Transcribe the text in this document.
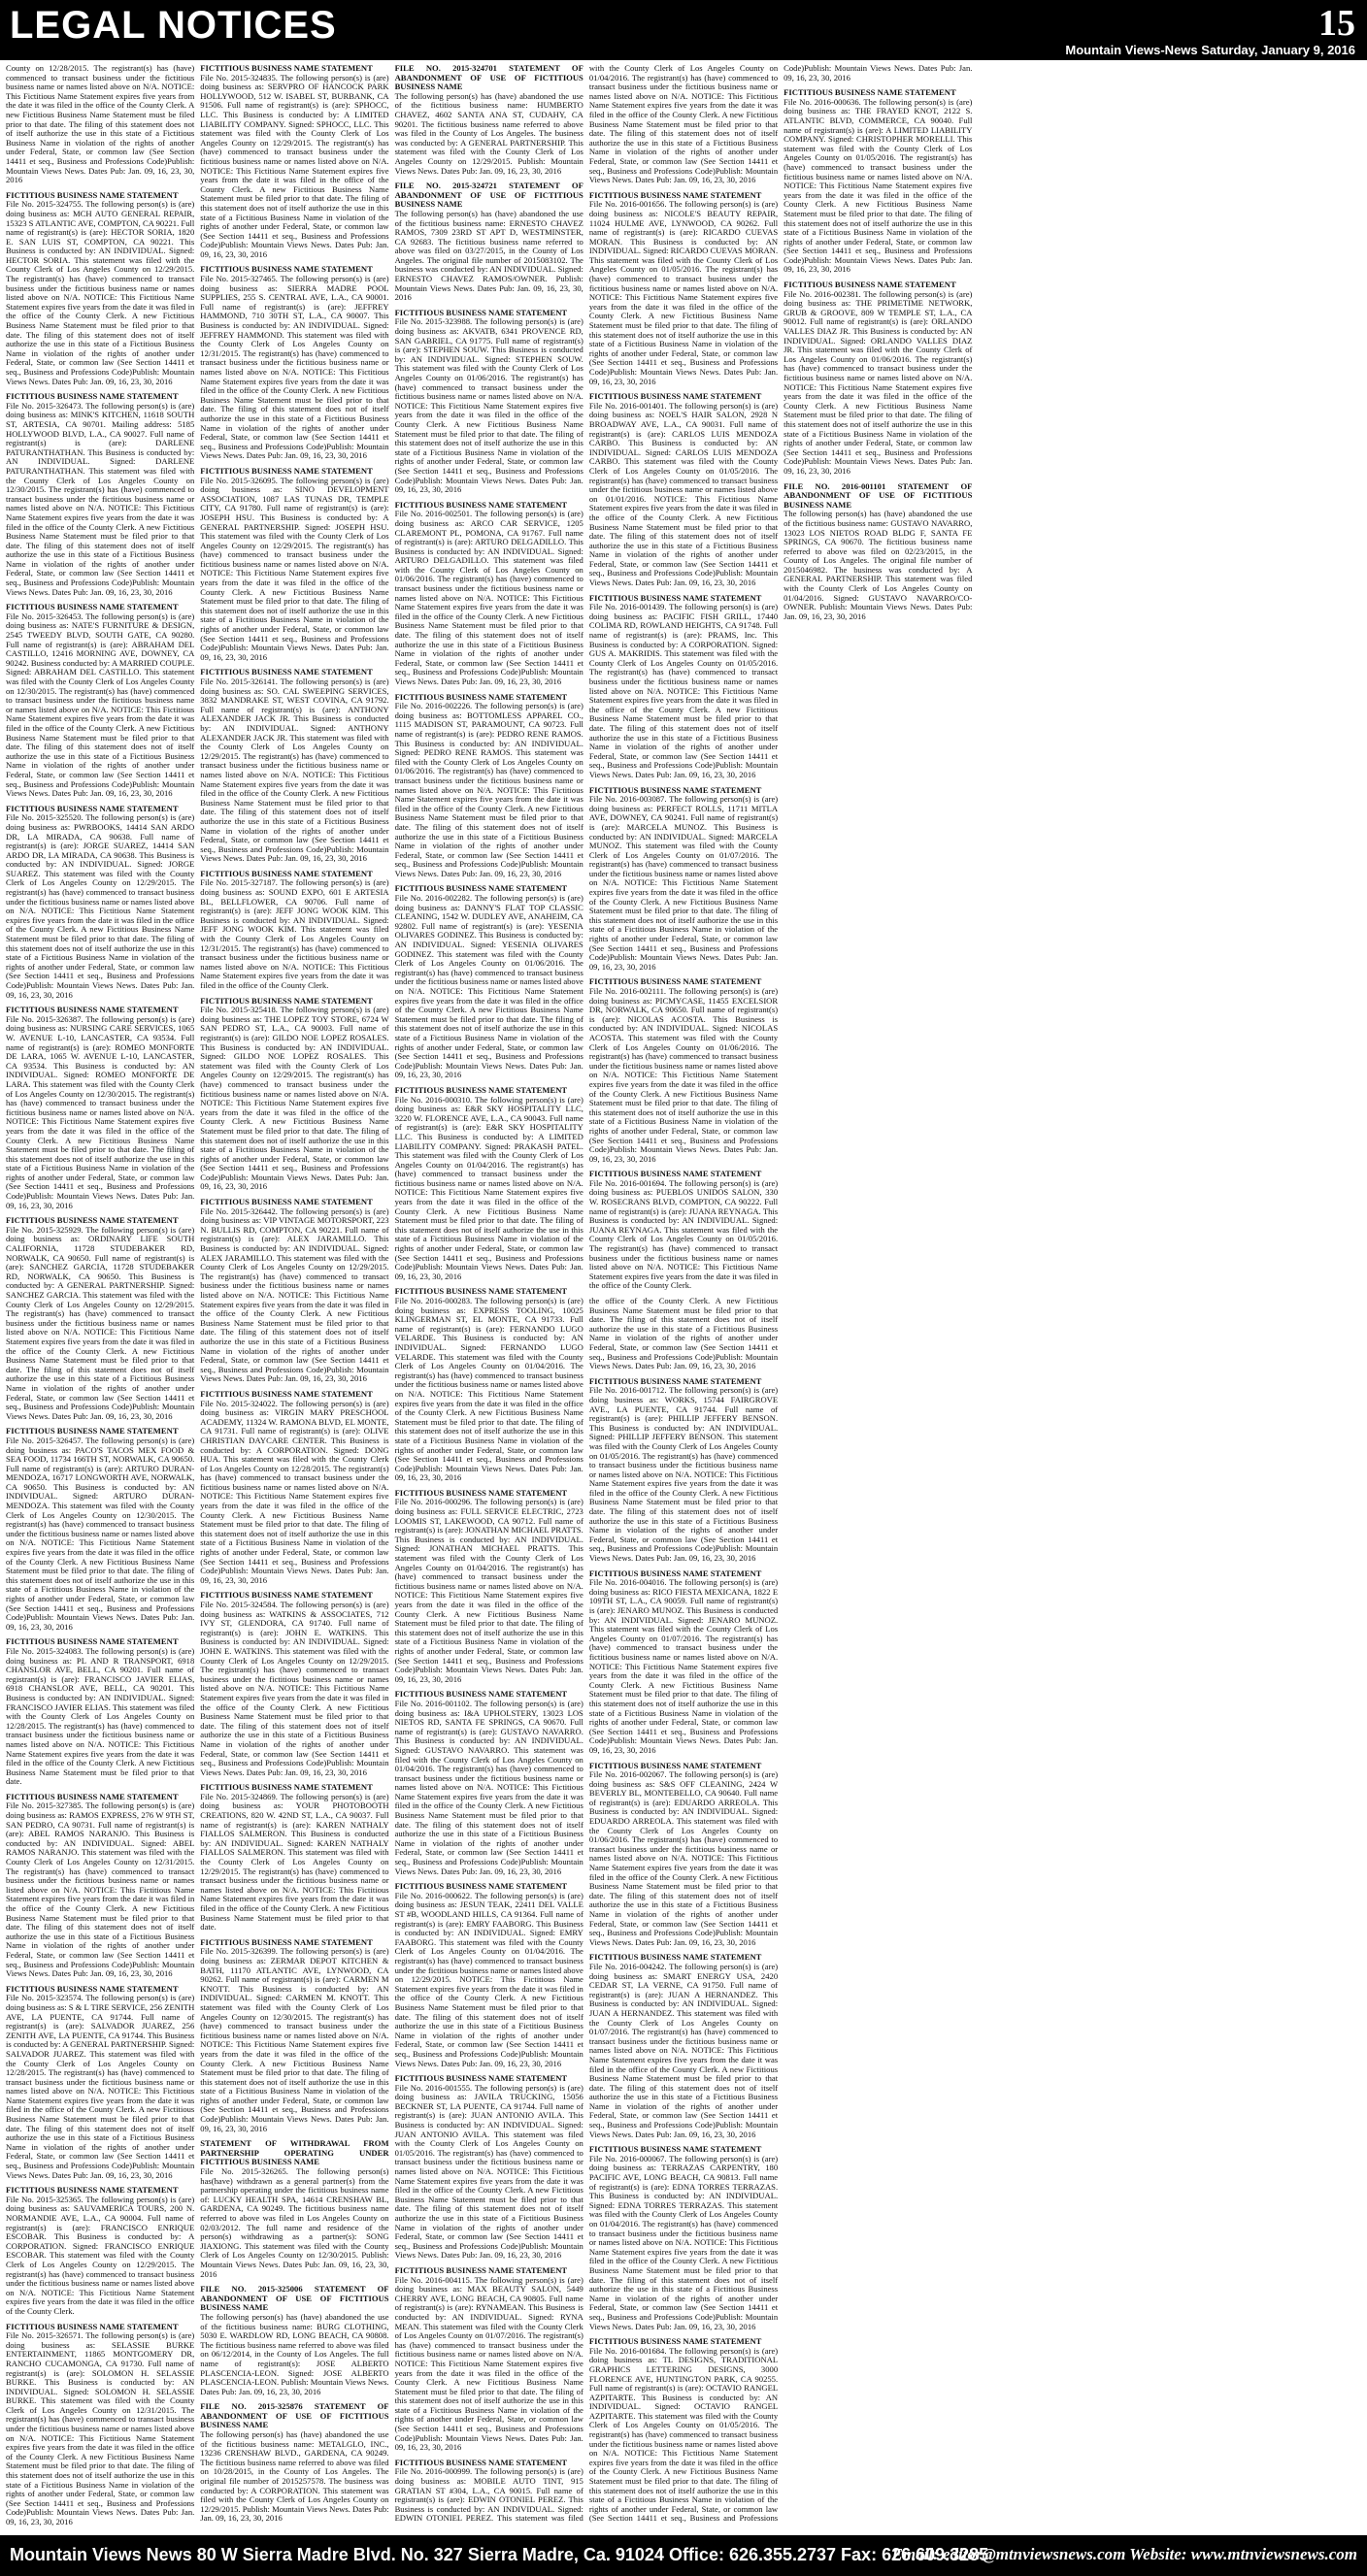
LEGAL NOTICES	15
Mountain Views-News Saturday, January 9, 2016
County on 12/28/2015. The registrant(s) has (have) commenced to transact business under the fictitious business name or names listed above on N/A. NOTICE: This Fictitious Name Statement expires five years from the date it was filed in the office of the County Clerk. A new Fictitious Business Name Statement must be filed prior to that date. The filing of this statement does not of itself authorize the use in this state of a Fictitious Business Name in violation of the rights of another under Federal, State, or common law (See Section 14411 et seq., Business and Professions Code)Publish: Mountain Views News. Dates Pub: Jan. 09, 16, 23, 30, 2016
FICTITIOUS BUSINESS NAME STATEMENT
File No. 2015-324755. The following person(s) is (are) doing business as: MCH AUTO GENERAL REPAIR, 15323 S ATLANTIC AVE, COMPTON, CA 90221. Full name of registrant(s) is (are): HECTOR SORIA, 1820 E. SAN LUIS ST, COMPTON, CA 90221. This Business is conducted by: AN INDIVIDUAL. Signed: HECTOR SORIA. This statement was filed with the County Clerk of Los Angeles County on 12/29/2015. The registrant(s) has (have) commenced to transact business under the fictitious business name or names listed above on N/A. NOTICE: This Fictitious Name Statement expires five years from the date it was filed in the office of the County Clerk. A new Fictitious Business Name Statement must be filed prior to that date. The filing of this statement does not of itself authorize the use in this state of a Fictitious Business Name in violation of the rights of another under Federal, State, or common law (See Section 14411 et seq., Business and Professions Code)Publish: Mountain Views News. Dates Pub: Jan. 09, 16, 23, 30, 2016
FICTITIOUS BUSINESS NAME STATEMENT
File No. 2015-326473. The following person(s) is (are) doing business as: MINK'S KITCHEN, 11618 SOUTH ST, ARTESIA, CA 90701. Mailing address: 5185 HOLLYWOOD BLVD, L.A., CA 90027. Full name of registrant(s) is (are): DARLENE PATURANTHATHAN. This Business is conducted by: AN INDIVIDUAL. Signed: DARLENE PATURANTHATHAN. This statement was filed with the County Clerk of Los Angeles County on 12/30/2015. The registrant(s) has (have) commenced to transact business under the fictitious business name or names listed above on N/A. NOTICE: This Fictitious Name Statement expires five years from the date it was filed in the office of the County Clerk. A new Fictitious Business Name Statement must be filed prior to that date. The filing of this statement does not of itself authorize the use in this state of a Fictitious Business Name in violation of the rights of another under Federal, State, or common law (See Section 14411 et seq., Business and Professions Code)Publish: Mountain Views News. Dates Pub: Jan. 09, 16, 23, 30, 2016
FICTITIOUS BUSINESS NAME STATEMENT
File No. 2015-326453. The following person(s) is (are) doing business as: NATE'S FURNITURE & DESIGN, 2545 TWEEDY BLVD, SOUTH GATE, CA 90280. Full name of registrant(s) is (are): ABRAHAM DEL CASTILLO, 12416 MORNING AVE, DOWNEY, CA 90242. Business conducted by: A MARRIED COUPLE. Signed: ABRAHAM DEL CASTILLO. This statement was filed with the County Clerk of Los Angeles County on 12/30/2015. The registrant(s) has (have) commenced to transact business under the fictitious business name or names listed above on N/A. NOTICE: This Fictitious Name Statement expires five years from the date it was filed in the office of the County Clerk. A new Fictitious Business Name Statement must be filed prior to that date. The filing of this statement does not of itself authorize the use in this state of a Fictitious Business Name in violation of the rights of another under Federal, State, or common law (See Section 14411 et seq., Business and Professions Code)Publish: Mountain Views News. Dates Pub: Jan. 09, 16, 23, 30, 2016
FICTITIOUS BUSINESS NAME STATEMENT
File No. 2015-325520. The following person(s) is (are) doing business as: PWRBOOKS, 14414 SAN ARDO DR, LA MIRADA, CA 90638. Full name of registrant(s) is (are): JORGE SUAREZ, 14414 SAN ARDO DR, LA MIRADA, CA 90638. This Business is conducted by: AN INDIVIDUAL. Signed: JORGE SUAREZ. This statement was filed with the County Clerk of Los Angeles County on 12/29/2015. The registrant(s) has (have) commenced to transact business under the fictitious business name or names listed above on N/A. NOTICE: This Fictitious Name Statement expires five years from the date it was filed in the office of the County Clerk. A new Fictitious Business Name Statement must be filed prior to that date. The filing of this statement does not of itself authorize the use in this state of a Fictitious Business Name in violation of the rights of another under Federal, State, or common law (See Section 14411 et seq., Business and Professions Code)Publish: Mountain Views News. Dates Pub: Jan. 09, 16, 23, 30, 2016
FICTITIOUS BUSINESS NAME STATEMENT
File No. 2015-326387. The following person(s) is (are) doing business as: NURSING CARE SERVICES, 1065 W. AVENUE L-10, LANCASTER, CA 93534. Full name of registrant(s) is (are): ROMEO MONFORTE DE LARA, 1065 W. AVENUE L-10, LANCASTER, CA 93534. This Business is conducted by: AN INDIVIDUAL. Signed: ROMEO MONFORTE DE LARA. This statement was filed with the County Clerk of Los Angeles County on 12/30/2015. The registrant(s) has (have) commenced to transact business under the fictitious business name or names listed above on N/A. NOTICE: This Fictitious Name Statement expires five years from the date it was filed in the office of the County Clerk. A new Fictitious Business Name Statement must be filed prior to that date. The filing of this statement does not of itself authorize the use in this state of a Fictitious Business Name in violation of the rights of another under Federal, State, or common law (See Section 14411 et seq., Business and Professions Code)Publish: Mountain Views News. Dates Pub: Jan. 09, 16, 23, 30, 2016
FICTITIOUS BUSINESS NAME STATEMENT
File No. 2015-325929. The following person(s) is (are) doing business as: ORDINARY LIFE SOUTH CALIFORNIA, 11728 STUDEBAKER RD, NORWALK, CA 90650. Full name of registrant(s) is (are): SANCHEZ GARCIA, 11728 STUDEBAKER RD, NORWALK, CA 90650. This Business is conducted by: A GENERAL PARTNERSHIP. Signed: SANCHEZ GARCIA. This statement was filed with the County Clerk of Los Angeles County on 12/29/2015. The registrant(s) has (have) commenced to transact business under the fictitious business name or names listed above on N/A. NOTICE: This Fictitious Name Statement expires five years from the date it was filed in the office of the County Clerk. A new Fictitious Business Name Statement must be filed prior to that date. The filing of this statement does not of itself authorize the use in this state of a Fictitious Business Name in violation of the rights of another under Federal, State, or common law (See Section 14411 et seq., Business and Professions Code)Publish: Mountain Views News. Dates Pub: Jan. 09, 16, 23, 30, 2016
FICTITIOUS BUSINESS NAME STATEMENT
File No. 2015-326457. The following person(s) is (are) doing business as: PACO'S TACOS MEX FOOD & SEA FOOD, 11734 166TH ST, NORWALK, CA 90650. Full name of registrant(s) is (are): ARTURO DURAN-MENDOZA, 16717 LONGWORTH AVE, NORWALK, CA 90650. This Business is conducted by: AN INDIVIDUAL. Signed: ARTURO DURAN-MENDOZA. This statement was filed with the County Clerk of Los Angeles County on 12/30/2015. The registrant(s) has (have) commenced to transact business under the fictitious business name or names listed above on N/A. NOTICE: This Fictitious Name Statement expires five years from the date it was filed in the office of the County Clerk. A new Fictitious Business Name Statement must be filed prior to that date. The filing of this statement does not of itself authorize the use in this state of a Fictitious Business Name in violation of the rights of another under Federal, State, or common law (See Section 14411 et seq., Business and Professions Code)Publish: Mountain Views News. Dates Pub: Jan. 09, 16, 23, 30, 2016
FICTITIOUS BUSINESS NAME STATEMENT
File No. 2015-324083. The following person(s) is (are) doing business as: PL AND R TRANSPORT, 6918 CHANSLOR AVE, BELL, CA 90201. Full name of registrant(s) is (are): FRANCISCO JAVIER ELIAS, 6918 CHANSLOR AVE, BELL, CA 90201. This Business is conducted by: AN INDIVIDUAL. Signed: FRANCISCO JAVIER ELIAS. This statement was filed with the County Clerk of Los Angeles County on 12/28/2015. The registrant(s) has (have) commenced to transact business under the fictitious business name or names listed above on N/A. NOTICE: This Fictitious Name Statement expires five years from the date it was filed in the office of the County Clerk. A new Fictitious Business Name Statement must be filed prior to that date.
FICTITIOUS BUSINESS NAME STATEMENT
File No. 2015-327385. The following person(s) is (are) doing business as: RAMOS EXPRESS, 276 W 9TH ST, SAN PEDRO, CA 90731. Full name of registrant(s) is (are): ABEL RAMOS NARANJO. This Business is conducted by: AN INDIVIDUAL. Signed: ABEL RAMOS NARANJO. This statement was filed with the County Clerk of Los Angeles County on 12/31/2015. The registrant(s) has (have) commenced to transact business under the fictitious business name or names listed above on N/A. NOTICE: This Fictitious Name Statement expires five years from the date it was filed in the office of the County Clerk. A new Fictitious Business Name Statement must be filed prior to that date. The filing of this statement does not of itself authorize the use in this state of a Fictitious Business Name in violation of the rights of another under Federal, State, or common law (See Section 14411 et seq., Business and Professions Code)Publish: Mountain Views News. Dates Pub: Jan. 09, 16, 23, 30, 2016
FICTITIOUS BUSINESS NAME STATEMENT
File No. 2015-323574. The following person(s) is (are) doing business as: S & L TIRE SERVICE, 256 ZENITH AVE, LA PUENTE, CA 91744. Full name of registrant(s) is (are): SALVADOR JUAREZ, 256 ZENITH AVE, LA PUENTE, CA 91744. This Business is conducted by: A GENERAL PARTNERSHIP. Signed: SALVADOR JUAREZ. This statement was filed with the County Clerk of Los Angeles County on 12/28/2015. The registrant(s) has (have) commenced to transact business under the fictitious business name or names listed above on N/A. NOTICE: This Fictitious Name Statement expires five years from the date it was filed in the office of the County Clerk. A new Fictitious Business Name Statement must be filed prior to that date. The filing of this statement does not of itself authorize the use in this state of a Fictitious Business Name in violation of the rights of another under Federal, State, or common law (See Section 14411 et seq., Business and Professions Code)Publish: Mountain Views News. Dates Pub: Jan. 09, 16, 23, 30, 2016
FICTITIOUS BUSINESS NAME STATEMENT
File No. 2015-325365. The following person(s) is (are) doing business as: SAUVAMERICA TOURS, 200 N. NORMANDIE AVE, L.A., CA 90004. Full name of registrant(s) is (are): FRANCISCO ENRIQUE ESCOBAR. This Business is conducted by: A CORPORATION. Signed: FRANCISCO ENRIQUE ESCOBAR. This statement was filed with the County Clerk of Los Angeles County on 12/29/2015. The registrant(s) has (have) commenced to transact business under the fictitious business name or names listed above on N/A. NOTICE: This Fictitious Name Statement expires five years from the date it was filed in the office of the County Clerk.
FICTITIOUS BUSINESS NAME STATEMENT
File No. 2015-326571. The following person(s) is (are) doing business as: SELASSIE BURKE ENTERTAINMENT, 11865 MONTGOMERY DR, RANCHO CUCAMONGA, CA 91730. Full name of registrant(s) is (are): SOLOMON H. SELASSIE BURKE. This Business is conducted by: AN INDIVIDUAL. Signed: SOLOMON H. SELASSIE BURKE. This statement was filed with the County Clerk of Los Angeles County on 12/31/2015. The registrant(s) has (have) commenced to transact business under the fictitious business name or names listed above on N/A. NOTICE: This Fictitious Name Statement expires five years from the date it was filed in the office of the County Clerk. A new Fictitious Business Name Statement must be filed prior to that date. The filing of this statement does not of itself authorize the use in this state of a Fictitious Business Name in violation of the rights of another under Federal, State, or common law (See Section 14411 et seq., Business and Professions Code)Publish: Mountain Views News. Dates Pub: Jan. 09, 16, 23, 30, 2016
FICTITIOUS BUSINESS NAME STATEMENT
File No. 2015-324835. The following person(s) is (are) doing business as: SERVPRO OF HANCOCK PARK HOLLYWOOD, 512 W. ISABEL ST, BURBANK, CA 91506. Full name of registrant(s) is (are): SPHOCC, LLC. This Business is conducted by: A LIMITED LIABILITY COMPANY. Signed: SPHOCC, LLC. This statement was filed with the County Clerk of Los Angeles County on 12/29/2015. The registrant(s) has (have) commenced to transact business under the fictitious business name or names listed above on N/A. NOTICE: This Fictitious Name Statement expires five years from the date it was filed in the office of the County Clerk. A new Fictitious Business Name Statement must be filed prior to that date. The filing of this statement does not of itself authorize the use in this state of a Fictitious Business Name in violation of the rights of another under Federal, State, or common law (See Section 14411 et seq., Business and Professions Code)Publish: Mountain Views News. Dates Pub: Jan. 09, 16, 23, 30, 2016
FICTITIOUS BUSINESS NAME STATEMENT
File No. 2015-327465. The following person(s) is (are) doing business as: SIERRA MADRE POOL SUPPLIES, 255 S. CENTRAL AVE, L.A., CA 90001. Full name of registrant(s) is (are): JEFFREY HAMMOND, 710 30TH ST, L.A., CA 90007. This Business is conducted by: AN INDIVIDUAL. Signed: JEFFREY HAMMOND. This statement was filed with the County Clerk of Los Angeles County on 12/31/2015. The registrant(s) has (have) commenced to transact business under the fictitious business name or names listed above on N/A. NOTICE: This Fictitious Name Statement expires five years from the date it was filed in the office of the County Clerk. A new Fictitious Business Name Statement must be filed prior to that date. The filing of this statement does not of itself authorize the use in this state of a Fictitious Business Name in violation of the rights of another under Federal, State, or common law (See Section 14411 et seq., Business and Professions Code)Publish: Mountain Views News. Dates Pub: Jan. 09, 16, 23, 30, 2016
FICTITIOUS BUSINESS NAME STATEMENT
File No. 2015-326095. The following person(s) is (are) doing business as: SINO DEVELOPMENT ASSOCIATION, 1087 LAS TUNAS DR, TEMPLE CITY, CA 91780. Full name of registrant(s) is (are): JOSEPH HSU. This Business is conducted by: A GENERAL PARTNERSHIP. Signed: JOSEPH HSU. This statement was filed with the County Clerk of Los Angeles County on 12/29/2015. The registrant(s) has (have) commenced to transact business under the fictitious business name or names listed above on N/A. NOTICE: This Fictitious Name Statement expires five years from the date it was filed in the office of the County Clerk. A new Fictitious Business Name Statement must be filed prior to that date. The filing of this statement does not of itself authorize the use in this state of a Fictitious Business Name in violation of the rights of another under Federal, State, or common law (See Section 14411 et seq., Business and Professions Code)Publish: Mountain Views News. Dates Pub: Jan. 09, 16, 23, 30, 2016
FICTITIOUS BUSINESS NAME STATEMENT
File No. 2015-326141. The following person(s) is (are) doing business as: SO. CAL SWEEPING SERVICES, 3832 MANDRAKE ST, WEST COVINA, CA 91792. Full name of registrant(s) is (are): ANTHONY ALEXANDER JACK JR. This Business is conducted by: AN INDIVIDUAL. Signed: ANTHONY ALEXANDER JACK JR. This statement was filed with the County Clerk of Los Angeles County on 12/29/2015. The registrant(s) has (have) commenced to transact business under the fictitious business name or names listed above on N/A. NOTICE: This Fictitious Name Statement expires five years from the date it was filed in the office of the County Clerk. A new Fictitious Business Name Statement must be filed prior to that date. The filing of this statement does not of itself authorize the use in this state of a Fictitious Business Name in violation of the rights of another under Federal, State, or common law (See Section 14411 et seq., Business and Professions Code)Publish: Mountain Views News. Dates Pub: Jan. 09, 16, 23, 30, 2016
FICTITIOUS BUSINESS NAME STATEMENT
File No. 2015-327187. The following person(s) is (are) doing business as: SOUND EXPO, 601 E ARTESIA BL, BELLFLOWER, CA 90706. Full name of registrant(s) is (are): JEFF JONG WOOK KIM. This Business is conducted by: AN INDIVIDUAL. Signed: JEFF JONG WOOK KIM. This statement was filed with the County Clerk of Los Angeles County on 12/31/2015. The registrant(s) has (have) commenced to transact business under the fictitious business name or names listed above on N/A. NOTICE: This Fictitious Name Statement expires five years from the date it was filed in the office of the County Clerk.
FICTITIOUS BUSINESS NAME STATEMENT
File No. 2015-325418. The following person(s) is (are) doing business as: THE LOPEZ TOY STORE, 6724 W SAN PEDRO ST, L.A., CA 90003. Full name of registrant(s) is (are): GILDO NOE LOPEZ ROSALES. This Business is conducted by: AN INDIVIDUAL. Signed: GILDO NOE LOPEZ ROSALES. This statement was filed with the County Clerk of Los Angeles County on 12/29/2015. The registrant(s) has (have) commenced to transact business under the fictitious business name or names listed above on N/A. NOTICE: This Fictitious Name Statement expires five years from the date it was filed in the office of the County Clerk. A new Fictitious Business Name Statement must be filed prior to that date. The filing of this statement does not of itself authorize the use in this state of a Fictitious Business Name in violation of the rights of another under Federal, State, or common law (See Section 14411 et seq., Business and Professions Code)Publish: Mountain Views News. Dates Pub: Jan. 09, 16, 23, 30, 2016
FICTITIOUS BUSINESS NAME STATEMENT
File No. 2015-326442. The following person(s) is (are) doing business as: VIP VINTAGE MOTORSPORT, 223 N. BULLIS RD, COMPTON, CA 90221. Full name of registrant(s) is (are): ALEX JARAMILLO. This Business is conducted by: AN INDIVIDUAL. Signed: ALEX JARAMILLO. This statement was filed with the County Clerk of Los Angeles County on 12/29/2015. The registrant(s) has (have) commenced to transact business under the fictitious business name or names listed above on N/A. NOTICE: This Fictitious Name Statement expires five years from the date it was filed in the office of the County Clerk. A new Fictitious Business Name Statement must be filed prior to that date. The filing of this statement does not of itself authorize the use in this state of a Fictitious Business Name in violation of the rights of another under Federal, State, or common law (See Section 14411 et seq., Business and Professions Code)Publish: Mountain Views News. Dates Pub: Jan. 09, 16, 23, 30, 2016
FICTITIOUS BUSINESS NAME STATEMENT
File No. 2015-324022. The following person(s) is (are) doing business as: VIRGIN MARY PRESCHOOL ACADEMY, 11324 W. RAMONA BLVD, EL MONTE, CA 91731. Full name of registrant(s) is (are): OLIVE CHRISTIAN DAYCARE CENTER. This Business is conducted by: A CORPORATION. Signed: DONG HUA. This statement was filed with the County Clerk of Los Angeles County on 12/28/2015. The registrant(s) has (have) commenced to transact business under the fictitious business name or names listed above on N/A. NOTICE: This Fictitious Name Statement expires five years from the date it was filed in the office of the County Clerk. A new Fictitious Business Name Statement must be filed prior to that date. The filing of this statement does not of itself authorize the use in this state of a Fictitious Business Name in violation of the rights of another under Federal, State, or common law (See Section 14411 et seq., Business and Professions Code)Publish: Mountain Views News. Dates Pub: Jan. 09, 16, 23, 30, 2016
FICTITIOUS BUSINESS NAME STATEMENT
File No. 2015-324584. The following person(s) is (are) doing business as: WATKINS & ASSOCIATES, 712 IVY ST, GLENDORA, CA 91740. Full name of registrant(s) is (are): JOHN E. WATKINS. This Business is conducted by: AN INDIVIDUAL. Signed: JOHN E. WATKINS. This statement was filed with the County Clerk of Los Angeles County on 12/29/2015. The registrant(s) has (have) commenced to transact business under the fictitious business name or names listed above on N/A. NOTICE: This Fictitious Name Statement expires five years from the date it was filed in the office of the County Clerk. A new Fictitious Business Name Statement must be filed prior to that date. The filing of this statement does not of itself authorize the use in this state of a Fictitious Business Name in violation of the rights of another under Federal, State, or common law (See Section 14411 et seq., Business and Professions Code)Publish: Mountain Views News. Dates Pub: Jan. 09, 16, 23, 30, 2016
FICTITIOUS BUSINESS NAME STATEMENT
File No. 2015-324869. The following person(s) is (are) doing business as: YOUR PHOTOBOOTH CREATIONS, 820 W. 42ND ST, L.A., CA 90037. Full name of registrant(s) is (are): KAREN NATHALY FIALLOS SALMERON. This Business is conducted by: AN INDIVIDUAL. Signed: KAREN NATHALY FIALLOS SALMERON. This statement was filed with the County Clerk of Los Angeles County on 12/29/2015. The registrant(s) has (have) commenced to transact business under the fictitious business name or names listed above on N/A. NOTICE: This Fictitious Name Statement expires five years from the date it was filed in the office of the County Clerk. A new Fictitious Business Name Statement must be filed prior to that date.
FICTITIOUS BUSINESS NAME STATEMENT
File No. 2015-326399. The following person(s) is (are) doing business as: ZERMAR DEPOT KITCHEN & BATH, 11170 ATLANTIC AVE, LYNWOOD, CA 90262. Full name of registrant(s) is (are): CARMEN M KNOTT. This Business is conducted by: AN INDIVIDUAL. Signed: CARMEN M. KNOTT. This statement was filed with the County Clerk of Los Angeles County on 12/30/2015. The registrant(s) has (have) commenced to transact business under the fictitious business name or names listed above on N/A. NOTICE: This Fictitious Name Statement expires five years from the date it was filed in the office of the County Clerk. A new Fictitious Business Name Statement must be filed prior to that date. The filing of this statement does not of itself authorize the use in this state of a Fictitious Business Name in violation of the rights of another under Federal, State, or common law (See Section 14411 et seq., Business and Professions Code)Publish: Mountain Views News. Dates Pub: Jan. 09, 16, 23, 30, 2016
STATEMENT OF WITHDRAWAL FROM PARTNERSHIP OPERATING UNDER FICTITIOUS BUSINESS NAME
File No. 2015-326265. The following person(s) has(have) withdrawn as a general partner(s) from the partnership operating under the fictitious business name of: LUCKY HEALTH SPA, 14614 CRENSHAW BL, GARDENA, CA 90249. The fictitious business name referred to above was filed in Los Angeles County on 02/03/2012. The full name and residence of the person(s) withdrawing as a partner(s): SONG JIAXIONG. This statement was filed with the County Clerk of Los Angeles County on 12/30/2015. Publish: Mountain Views News. Dates Pub: Jan. 09, 16, 23, 30, 2016
FILE NO. 2015-325006 STATEMENT OF ABANDONMENT OF USE OF FICTITIOUS BUSINESS NAME
The following person(s) has (have) abandoned the use of the fictitious business name: BURG CLOTHING, 5030 E. WARDLOW RD, LONG BEACH, CA 90808. The fictitious business name referred to above was filed on 06/12/2014, in the County of Los Angeles. The full name of registrant(s): JOSE ALBERTO PLASCENCIA-LEON. Signed: JOSE ALBERTO PLASCENCIA-LEON. Publish: Mountain Views News. Dates Pub: Jan. 09, 16, 23, 30, 2016
FILE NO. 2015-325876 STATEMENT OF ABANDONMENT OF USE OF FICTITIOUS BUSINESS NAME
The following person(s) has (have) abandoned the use of the fictitious business name: METALGLO, INC., 13236 CRENSHAW BLVD., GARDENA, CA 90249. The fictitious business name referred to above was filed on 10/28/2015, in the County of Los Angeles. The original file number of 2015257578. The business was conducted by: A CORPORATION. This statement was filed with the County Clerk of Los Angeles County on 12/29/2015. Publish: Mountain Views News. Dates Pub: Jan. 09, 16, 23, 30, 2016
FILE NO. 2015-324701 STATEMENT OF ABANDONMENT OF USE OF FICTITIOUS BUSINESS NAME
The following person(s) has (have) abandoned the use of the fictitious business name: HUMBERTO CHAVEZ, 4602 SANTA ANA ST, CUDAHY, CA 90201. The fictitious business name referred to above was filed in the County of Los Angeles. The business was conducted by: A GENERAL PARTNERSHIP. This statement was filed with the County Clerk of Los Angeles County on 12/29/2015. Publish: Mountain Views News. Dates Pub: Jan. 09, 16, 23, 30, 2016
FILE NO. 2015-324721 STATEMENT OF ABANDONMENT OF USE OF FICTITIOUS BUSINESS NAME
The following person(s) has (have) abandoned the use of the fictitious business name: ERNESTO CHAVEZ RAMOS, 7309 23RD ST APT D, WESTMINSTER, CA 92683. The fictitious business name referred to above was filed on 03/27/2015, in the County of Los Angeles. The original file number of 2015083102. The business was conducted by: AN INDIVIDUAL. Signed: ERNESTO CHAVEZ RAMOS/OWNER. Publish: Mountain Views News. Dates Pub: Jan. 09, 16, 23, 30, 2016
FICTITIOUS BUSINESS NAME STATEMENT
File No. 2015-323988. The following person(s) is (are) doing business as: AKVATB, 6341 PROVENCE RD, SAN GABRIEL, CA 91775. Full name of registrant(s) is (are): STEPHEN SOUW. This Business is conducted by: AN INDIVIDUAL. Signed: STEPHEN SOUW. This statement was filed with the County Clerk of Los Angeles County on 01/06/2016. The registrant(s) has (have) commenced to transact business under the fictitious business name or names listed above on N/A. NOTICE: This Fictitious Name Statement expires five years from the date it was filed in the office of the County Clerk. A new Fictitious Business Name Statement must be filed prior to that date. The filing of this statement does not of itself authorize the use in this state of a Fictitious Business Name in violation of the rights of another under Federal, State, or common law (See Section 14411 et seq., Business and Professions Code)Publish: Mountain Views News. Dates Pub: Jan. 09, 16, 23, 30, 2016
FICTITIOUS BUSINESS NAME STATEMENT
File No. 2016-002501. The following person(s) is (are) doing business as: ARCO CAR SERVICE, 1205 CLAREMONT PL, POMONA, CA 91767. Full name of registrant(s) is (are): ARTURO DELGADILLO. This Business is conducted by: AN INDIVIDUAL. Signed: ARTURO DELGADILLO. This statement was filed with the County Clerk of Los Angeles County on 01/06/2016. The registrant(s) has (have) commenced to transact business under the fictitious business name or names listed above on N/A. NOTICE: This Fictitious Name Statement expires five years from the date it was filed in the office of the County Clerk. A new Fictitious Business Name Statement must be filed prior to that date. The filing of this statement does not of itself authorize the use in this state of a Fictitious Business Name in violation of the rights of another under Federal, State, or common law (See Section 14411 et seq., Business and Professions Code)Publish: Mountain Views News. Dates Pub: Jan. 09, 16, 23, 30, 2016
FICTITIOUS BUSINESS NAME STATEMENT
File No. 2016-002226. The following person(s) is (are) doing business as: BOTTOMLESS APPAREL CO., 1115 MADISON ST, PARAMOUNT, CA 90723. Full name of registrant(s) is (are): PEDRO RENE RAMOS. This Business is conducted by: AN INDIVIDUAL. Signed: PEDRO RENE RAMOS. This statement was filed with the County Clerk of Los Angeles County on 01/06/2016. The registrant(s) has (have) commenced to transact business under the fictitious business name or names listed above on N/A. NOTICE: This Fictitious Name Statement expires five years from the date it was filed in the office of the County Clerk. A new Fictitious Business Name Statement must be filed prior to that date. The filing of this statement does not of itself authorize the use in this state of a Fictitious Business Name in violation of the rights of another under Federal, State, or common law (See Section 14411 et seq., Business and Professions Code)Publish: Mountain Views News. Dates Pub: Jan. 09, 16, 23, 30, 2016
FICTITIOUS BUSINESS NAME STATEMENT
File No. 2016-002282. The following person(s) is (are) doing business as: DANNY'S FLAT TOP CLASSIC CLEANING, 1542 W. DUDLEY AVE, ANAHEIM, CA 92802. Full name of registrant(s) is (are): YESENIA OLIVARES GODINEZ. This Business is conducted by: AN INDIVIDUAL. Signed: YESENIA OLIVARES GODINEZ. This statement was filed with the County Clerk of Los Angeles County on 01/06/2016. The registrant(s) has (have) commenced to transact business under the fictitious business name or names listed above on N/A. NOTICE: This Fictitious Name Statement expires five years from the date it was filed in the office of the County Clerk. A new Fictitious Business Name Statement must be filed prior to that date. The filing of this statement does not of itself authorize the use in this state of a Fictitious Business Name in violation of the rights of another under Federal, State, or common law (See Section 14411 et seq., Business and Professions Code)Publish: Mountain Views News. Dates Pub: Jan. 09, 16, 23, 30, 2016
FICTITIOUS BUSINESS NAME STATEMENT
File No. 2016-000310. The following person(s) is (are) doing business as: E&R SKY HOSPITALITY LLC, 3220 W. FLORENCE AVE, L.A., CA 90043. Full name of registrant(s) is (are): E&R SKY HOSPITALITY LLC. This Business is conducted by: A LIMITED LIABILITY COMPANY. Signed: PRAKASH PATEL. This statement was filed with the County Clerk of Los Angeles County on 01/04/2016. The registrant(s) has (have) commenced to transact business under the fictitious business name or names listed above on N/A. NOTICE: This Fictitious Name Statement expires five years from the date it was filed in the office of the County Clerk. A new Fictitious Business Name Statement must be filed prior to that date. The filing of this statement does not of itself authorize the use in this state of a Fictitious Business Name in violation of the rights of another under Federal, State, or common law (See Section 14411 et seq., Business and Professions Code)Publish: Mountain Views News. Dates Pub: Jan. 09, 16, 23, 30, 2016
FICTITIOUS BUSINESS NAME STATEMENT
File No. 2016-000283. The following person(s) is (are) doing business as: EXPRESS TOOLING, 10025 KLINGERMAN ST, EL MONTE, CA 91733. Full name of registrant(s) is (are): FERNANDO LUGO VELARDE. This Business is conducted by: AN INDIVIDUAL. Signed: FERNANDO LUGO VELARDE. This statement was filed with the County Clerk of Los Angeles County on 01/04/2016. The registrant(s) has (have) commenced to transact business under the fictitious business name or names listed above on N/A. NOTICE: This Fictitious Name Statement expires five years from the date it was filed in the office of the County Clerk. A new Fictitious Business Name Statement must be filed prior to that date. The filing of this statement does not of itself authorize the use in this state of a Fictitious Business Name in violation of the rights of another under Federal, State, or common law (See Section 14411 et seq., Business and Professions Code)Publish: Mountain Views News. Dates Pub: Jan. 09, 16, 23, 30, 2016
FICTITIOUS BUSINESS NAME STATEMENT
File No. 2016-000296. The following person(s) is (are) doing business as: FULL SERVICE ELECTRIC, 2723 LOOMIS ST, LAKEWOOD, CA 90712. Full name of registrant(s) is (are): JONATHAN MICHAEL PRATTS. This Business is conducted by: AN INDIVIDUAL. Signed: JONATHAN MICHAEL PRATTS. This statement was filed with the County Clerk of Los Angeles County on 01/04/2016. The registrant(s) has (have) commenced to transact business under the fictitious business name or names listed above on N/A. NOTICE: This Fictitious Name Statement expires five years from the date it was filed in the office of the County Clerk. A new Fictitious Business Name Statement must be filed prior to that date. The filing of this statement does not of itself authorize the use in this state of a Fictitious Business Name in violation of the rights of another under Federal, State, or common law (See Section 14411 et seq., Business and Professions Code)Publish: Mountain Views News. Dates Pub: Jan. 09, 16, 23, 30, 2016
FICTITIOUS BUSINESS NAME STATEMENT
File No. 2016-001102. The following person(s) is (are) doing business as: I&A UPHOLSTERY, 13023 LOS NIETOS RD, SANTA FE SPRINGS, CA 90670. Full name of registrant(s) is (are): GUSTAVO NAVARRO. This Business is conducted by: AN INDIVIDUAL. Signed: GUSTAVO NAVARRO. This statement was filed with the County Clerk of Los Angeles County on 01/04/2016. The registrant(s) has (have) commenced to transact business under the fictitious business name or names listed above on N/A. NOTICE: This Fictitious Name Statement expires five years from the date it was filed in the office of the County Clerk. A new Fictitious Business Name Statement must be filed prior to that date. The filing of this statement does not of itself authorize the use in this state of a Fictitious Business Name in violation of the rights of another under Federal, State, or common law (See Section 14411 et seq., Business and Professions Code)Publish: Mountain Views News. Dates Pub: Jan. 09, 16, 23, 30, 2016
FICTITIOUS BUSINESS NAME STATEMENT
File No. 2016-000622. The following person(s) is (are) doing business as: JESUN TEAK, 22411 DEL VALLE ST #B, WOODLAND HILLS, CA 91364. Full name of registrant(s) is (are): EMRY FAABORG. This Business is conducted by: AN INDIVIDUAL. Signed: EMRY FAABORG. This statement was filed with the County Clerk of Los Angeles County on 01/04/2016. The registrant(s) has (have) commenced to transact business under the fictitious business name or names listed above on 12/29/2015. NOTICE: This Fictitious Name Statement expires five years from the date it was filed in the office of the County Clerk. A new Fictitious Business Name Statement must be filed prior to that date. The filing of this statement does not of itself authorize the use in this state of a Fictitious Business Name in violation of the rights of another under Federal, State, or common law (See Section 14411 et seq., Business and Professions Code)Publish: Mountain Views News. Dates Pub: Jan. 09, 16, 23, 30, 2016
FICTITIOUS BUSINESS NAME STATEMENT
File No. 2016-001555. The following person(s) is (are) doing business as: JAVILA TRUCKING, 15056 BECKNER ST, LA PUENTE, CA 91744. Full name of registrant(s) is (are): JUAN ANTONIO AVILA. This Business is conducted by: AN INDIVIDUAL. Signed: JUAN ANTONIO AVILA. This statement was filed with the County Clerk of Los Angeles County on 01/05/2016. The registrant(s) has (have) commenced to transact business under the fictitious business name or names listed above on N/A. NOTICE: This Fictitious Name Statement expires five years from the date it was filed in the office of the County Clerk. A new Fictitious Business Name Statement must be filed prior to that date. The filing of this statement does not of itself authorize the use in this state of a Fictitious Business Name in violation of the rights of another under Federal, State, or common law (See Section 14411 et seq., Business and Professions Code)Publish: Mountain Views News. Dates Pub: Jan. 09, 16, 23, 30, 2016
FICTITIOUS BUSINESS NAME STATEMENT
File No. 2016-004115. The following person(s) is (are) doing business as: MAX BEAUTY SALON, 5449 CHERRY AVE, LONG BEACH, CA 90805. Full name of registrant(s) is (are): RYNAMEAN. This Business is conducted by: AN INDIVIDUAL. Signed: RYNA MEAN. This statement was filed with the County Clerk of Los Angeles County on 01/07/2016. The registrant(s) has (have) commenced to transact business under the fictitious business name or names listed above on N/A. NOTICE: This Fictitious Name Statement expires five years from the date it was filed in the office of the County Clerk. A new Fictitious Business Name Statement must be filed prior to that date. The filing of this statement does not of itself authorize the use in this state of a Fictitious Business Name in violation of the rights of another under Federal, State, or common law (See Section 14411 et seq., Business and Professions Code)Publish: Mountain Views News. Dates Pub: Jan. 09, 16, 23, 30, 2016
FICTITIOUS BUSINESS NAME STATEMENT
File No. 2016-000999. The following person(s) is (are) doing business as: MOBILE AUTO TINT, 915 GRATIAN ST #304, L.A., CA 90015. Full name of registrant(s) is (are): EDWIN OTONIEL PEREZ. This Business is conducted by: AN INDIVIDUAL. Signed: EDWIN OTONIEL PEREZ. This statement was filed with the County Clerk of Los Angeles County on 01/04/2016. The registrant(s) has (have) commenced to transact business under the fictitious business name or names listed above on N/A. NOTICE: This Fictitious Name Statement expires five years from the date it was filed in the office of the County Clerk. A new Fictitious Business Name Statement must be filed prior to that date. The filing of this statement does not of itself authorize the use in this state of a Fictitious Business Name in violation of the rights of another under Federal, State, or common law (See Section 14411 et seq., Business and Professions Code)Publish: Mountain Views News. Dates Pub: Jan. 09, 16, 23, 30, 2016
FICTITIOUS BUSINESS NAME STATEMENT
File No. 2016-001656. The following person(s) is (are) doing business as: NICOLE'S BEAUTY REPAIR, 11024 HULME AVE, LYNWOOD, CA 90262. Full name of registrant(s) is (are): RICARDO CUEVAS MORAN. This Business is conducted by: AN INDIVIDUAL. Signed: RICARDO CUEVAS MORAN. This statement was filed with the County Clerk of Los Angeles County on 01/05/2016. The registrant(s) has (have) commenced to transact business under the fictitious business name or names listed above on N/A. NOTICE: This Fictitious Name Statement expires five years from the date it was filed in the office of the County Clerk. A new Fictitious Business Name Statement must be filed prior to that date. The filing of this statement does not of itself authorize the use in this state of a Fictitious Business Name in violation of the rights of another under Federal, State, or common law (See Section 14411 et seq., Business and Professions Code)Publish: Mountain Views News. Dates Pub: Jan. 09, 16, 23, 30, 2016
FICTITIOUS BUSINESS NAME STATEMENT
File No. 2016-001401. The following person(s) is (are) doing business as: NOEL'S HAIR SALON, 2928 N BROADWAY AVE, L.A., CA 90031. Full name of registrant(s) is (are): CARLOS LUIS MENDOZA CARBO. This Business is conducted by: AN INDIVIDUAL. Signed: CARLOS LUIS MENDOZA CARBO. This statement was filed with the County Clerk of Los Angeles County on 01/05/2016. The registrant(s) has (have) commenced to transact business under the fictitious business name or names listed above on 01/01/2016. NOTICE: This Fictitious Name Statement expires five years from the date it was filed in the office of the County Clerk. A new Fictitious Business Name Statement must be filed prior to that date. The filing of this statement does not of itself authorize the use in this state of a Fictitious Business Name in violation of the rights of another under Federal, State, or common law (See Section 14411 et seq., Business and Professions Code)Publish: Mountain Views News. Dates Pub: Jan. 09, 16, 23, 30, 2016
FICTITIOUS BUSINESS NAME STATEMENT
File No. 2016-001439. The following person(s) is (are) doing business as: PACIFIC FISH GRILL, 17440 COLIMA RD, ROWLAND HEIGHTS, CA 91748. Full name of registrant(s) is (are): PRAMS, Inc. This Business is conducted by: A CORPORATION. Signed: GUS A. MAKRIDIS. This statement was filed with the County Clerk of Los Angeles County on 01/05/2016. The registrant(s) has (have) commenced to transact business under the fictitious business name or names listed above on N/A. NOTICE: This Fictitious Name Statement expires five years from the date it was filed in the office of the County Clerk. A new Fictitious Business Name Statement must be filed prior to that date. The filing of this statement does not of itself authorize the use in this state of a Fictitious Business Name in violation of the rights of another under Federal, State, or common law (See Section 14411 et seq., Business and Professions Code)Publish: Mountain Views News. Dates Pub: Jan. 09, 16, 23, 30, 2016
FICTITIOUS BUSINESS NAME STATEMENT
File No. 2016-003087. The following person(s) is (are) doing business as: PERFECT ROLLS, 11711 MITLA AVE, DOWNEY, CA 90241. Full name of registrant(s) is (are): MARCELA MUNOZ. This Business is conducted by: AN INDIVIDUAL. Signed: MARCELA MUNOZ. This statement was filed with the County Clerk of Los Angeles County on 01/07/2016. The registrant(s) has (have) commenced to transact business under the fictitious business name or names listed above on N/A. NOTICE: This Fictitious Name Statement expires five years from the date it was filed in the office of the County Clerk. A new Fictitious Business Name Statement must be filed prior to that date. The filing of this statement does not of itself authorize the use in this state of a Fictitious Business Name in violation of the rights of another under Federal, State, or common law (See Section 14411 et seq., Business and Professions Code)Publish: Mountain Views News. Dates Pub: Jan. 09, 16, 23, 30, 2016
FICTITIOUS BUSINESS NAME STATEMENT
File No. 2016-002111. The following person(s) is (are) doing business as: PICMYCASE, 11455 EXCELSIOR DR, NORWALK, CA 90650. Full name of registrant(s) is (are): NICOLAS ACOSTA. This Business is conducted by: AN INDIVIDUAL. Signed: NICOLAS ACOSTA. This statement was filed with the County Clerk of Los Angeles County on 01/06/2016. The registrant(s) has (have) commenced to transact business under the fictitious business name or names listed above on N/A. NOTICE: This Fictitious Name Statement expires five years from the date it was filed in the office of the County Clerk. A new Fictitious Business Name Statement must be filed prior to that date. The filing of this statement does not of itself authorize the use in this state of a Fictitious Business Name in violation of the rights of another under Federal, State, or common law (See Section 14411 et seq., Business and Professions Code)Publish: Mountain Views News. Dates Pub: Jan. 09, 16, 23, 30, 2016
FICTITIOUS BUSINESS NAME STATEMENT
File No. 2016-001694. The following person(s) is (are) doing business as: PUEBLOS UNIDOS SALON, 330 W. ROSECRANS BLVD, COMPTON, CA 90222. Full name of registrant(s) is (are): JUANA REYNAGA. This Business is conducted by: AN INDIVIDUAL. Signed: JUANA REYNAGA. This statement was filed with the County Clerk of Los Angeles County on 01/05/2016. The registrant(s) has (have) commenced to transact business under the fictitious business name or names listed above on N/A. NOTICE: This Fictitious Name Statement expires five years from the date it was filed in the office of the County Clerk.
the office of the County Clerk. A new Fictitious Business Name Statement must be filed prior to that date. The filing of this statement does not of itself authorize the use in this state of a Fictitious Business Name in violation of the rights of another under Federal, State, or common law (See Section 14411 et seq., Business and Professions Code)Publish: Mountain Views News. Dates Pub: Jan. 09, 16, 23, 30, 2016
FICTITIOUS BUSINESS NAME STATEMENT
File No. 2016-001712. The following person(s) is (are) doing business as: WORKS, 15744 FAIRGROVE AVE., LA PUENTE, CA 91744. Full name of registrant(s) is (are): PHILLIP JEFFERY BENSON. This Business is conducted by: AN INDIVIDUAL. Signed: PHILLIP JEFFERY BENSON. This statement was filed with the County Clerk of Los Angeles County on 01/05/2016. The registrant(s) has (have) commenced to transact business under the fictitious business name or names listed above on N/A. NOTICE: This Fictitious Name Statement expires five years from the date it was filed in the office of the County Clerk. A new Fictitious Business Name Statement must be filed prior to that date. The filing of this statement does not of itself authorize the use in this state of a Fictitious Business Name in violation of the rights of another under Federal, State, or common law (See Section 14411 et seq., Business and Professions Code)Publish: Mountain Views News. Dates Pub: Jan. 09, 16, 23, 30, 2016
FICTITIOUS BUSINESS NAME STATEMENT
File No. 2016-004016. The following person(s) is (are) doing business as: RICO FIESTA MEXICANA, 1822 E 109TH ST, L.A., CA 90059. Full name of registrant(s) is (are): JENARO MUNOZ. This Business is conducted by: AN INDIVIDUAL. Signed: JENARO MUNOZ. This statement was filed with the County Clerk of Los Angeles County on 01/07/2016. The registrant(s) has (have) commenced to transact business under the fictitious business name or names listed above on N/A. NOTICE: This Fictitious Name Statement expires five years from the date it was filed in the office of the County Clerk. A new Fictitious Business Name Statement must be filed prior to that date. The filing of this statement does not of itself authorize the use in this state of a Fictitious Business Name in violation of the rights of another under Federal, State, or common law (See Section 14411 et seq., Business and Professions Code)Publish: Mountain Views News. Dates Pub: Jan. 09, 16, 23, 30, 2016
FICTITIOUS BUSINESS NAME STATEMENT
File No. 2016-002067. The following person(s) is (are) doing business as: S&S OFF CLEANING, 2424 W BEVERLY BL, MONTEBELLO, CA 90640. Full name of registrant(s) is (are): EDUARDO ARREOLA. This Business is conducted by: AN INDIVIDUAL. Signed: EDUARDO ARREOLA. This statement was filed with the County Clerk of Los Angeles County on 01/06/2016. The registrant(s) has (have) commenced to transact business under the fictitious business name or names listed above on N/A. NOTICE: This Fictitious Name Statement expires five years from the date it was filed in the office of the County Clerk. A new Fictitious Business Name Statement must be filed prior to that date. The filing of this statement does not of itself authorize the use in this state of a Fictitious Business Name in violation of the rights of another under Federal, State, or common law (See Section 14411 et seq., Business and Professions Code)Publish: Mountain Views News. Dates Pub: Jan. 09, 16, 23, 30, 2016
FICTITIOUS BUSINESS NAME STATEMENT
File No. 2016-004242. The following person(s) is (are) doing business as: SMART ENERGY USA, 2420 CEDAR ST, LA VERNE, CA 91750. Full name of registrant(s) is (are): JUAN A HERNANDEZ. This Business is conducted by: AN INDIVIDUAL. Signed: JUAN A HERNANDEZ. This statement was filed with the County Clerk of Los Angeles County on 01/07/2016. The registrant(s) has (have) commenced to transact business under the fictitious business name or names listed above on N/A. NOTICE: This Fictitious Name Statement expires five years from the date it was filed in the office of the County Clerk. A new Fictitious Business Name Statement must be filed prior to that date. The filing of this statement does not of itself authorize the use in this state of a Fictitious Business Name in violation of the rights of another under Federal, State, or common law (See Section 14411 et seq., Business and Professions Code)Publish: Mountain Views News. Dates Pub: Jan. 09, 16, 23, 30, 2016
FICTITIOUS BUSINESS NAME STATEMENT
File No. 2016-000067. The following person(s) is (are) doing business as: TERRAZAS CARPENTRY, 180 PACIFIC AVE, LONG BEACH, CA 90813. Full name of registrant(s) is (are): EDNA TORRES TERRAZAS. This Business is conducted by: AN INDIVIDUAL. Signed: EDNA TORRES TERRAZAS. This statement was filed with the County Clerk of Los Angeles County on 01/04/2016. The registrant(s) has (have) commenced to transact business under the fictitious business name or names listed above on N/A. NOTICE: This Fictitious Name Statement expires five years from the date it was filed in the office of the County Clerk. A new Fictitious Business Name Statement must be filed prior to that date. The filing of this statement does not of itself authorize the use in this state of a Fictitious Business Name in violation of the rights of another under Federal, State, or common law (See Section 14411 et seq., Business and Professions Code)Publish: Mountain Views News. Dates Pub: Jan. 09, 16, 23, 30, 2016
FICTITIOUS BUSINESS NAME STATEMENT
File No. 2016-001684. The following person(s) is (are) doing business as: TL DESIGNS, TRADITIONAL GRAPHICS LETTERING DESIGNS, 3000 FLORENCE AVE, HUNTINGTON PARK, CA 90255. Full name of registrant(s) is (are): OCTAVIO RANGEL AZPITARTE. This Business is conducted by: AN INDIVIDUAL. Signed: OCTAVIO RANGEL AZPITARTE. This statement was filed with the County Clerk of Los Angeles County on 01/05/2016. The registrant(s) has (have) commenced to transact business under the fictitious business name or names listed above on N/A. NOTICE: This Fictitious Name Statement expires five years from the date it was filed in the office of the County Clerk. A new Fictitious Business Name Statement must be filed prior to that date. The filing of this statement does not of itself authorize the use in this state of a Fictitious Business Name in violation of the rights of another under Federal, State, or common law (See Section 14411 et seq., Business and Professions Code)Publish: Mountain Views News. Dates Pub: Jan. 09, 16, 23, 30, 2016
FICTITIOUS BUSINESS NAME STATEMENT
File No. 2016-000636. The following person(s) is (are) doing business as: THE FRAYED KNOT, 2122 S. ATLANTIC BLVD, COMMERCE, CA 90040. Full name of registrant(s) is (are): A LIMITED LIABILITY COMPANY. Signed: CHRISTOPHER MORELLI. This statement was filed with the County Clerk of Los Angeles County on 01/05/2016. The registrant(s) has (have) commenced to transact business under the fictitious business name or names listed above on N/A. NOTICE: This Fictitious Name Statement expires five years from the date it was filed in the office of the County Clerk. A new Fictitious Business Name Statement must be filed prior to that date. The filing of this statement does not of itself authorize the use in this state of a Fictitious Business Name in violation of the rights of another under Federal, State, or common law (See Section 14411 et seq., Business and Professions Code)Publish: Mountain Views News. Dates Pub: Jan. 09, 16, 23, 30, 2016
FICTITIOUS BUSINESS NAME STATEMENT
File No. 2016-002381. The following person(s) is (are) doing business as: THE PRIMETIME NETWORK, GRUB & GROOVE, 809 W TEMPLE ST, L.A., CA 90012. Full name of registrant(s) is (are): ORLANDO VALLES DIAZ JR. This Business is conducted by: AN INDIVIDUAL. Signed: ORLANDO VALLES DIAZ JR. This statement was filed with the County Clerk of Los Angeles County on 01/06/2016. The registrant(s) has (have) commenced to transact business under the fictitious business name or names listed above on N/A. NOTICE: This Fictitious Name Statement expires five years from the date it was filed in the office of the County Clerk. A new Fictitious Business Name Statement must be filed prior to that date. The filing of this statement does not of itself authorize the use in this state of a Fictitious Business Name in violation of the rights of another under Federal, State, or common law (See Section 14411 et seq., Business and Professions Code)Publish: Mountain Views News. Dates Pub: Jan. 09, 16, 23, 30, 2016
FILE NO. 2016-001101 STATEMENT OF ABANDONMENT OF USE OF FICTITIOUS BUSINESS NAME
The following person(s) has (have) abandoned the use of the fictitious business name: GUSTAVO NAVARRO, 13023 LOS NIETOS ROAD BLDG F, SANTA FE SPRINGS, CA 90670. The fictitious business name referred to above was filed on 02/23/2015, in the County of Los Angeles. The original file number of 2015046982. The business was conducted by: A GENERAL PARTNERSHIP. This statement was filed with the County Clerk of Los Angeles County on 01/04/2016. Signed: GUSTAVO NAVARRO/CO-OWNER. Publish: Mountain Views News. Dates Pub: Jan. 09, 16, 23, 30, 2016
Mountain Views News 80 W Sierra Madre Blvd. No. 327 Sierra Madre, Ca. 91024 Office: 626.355.2737 Fax: 626.609.3285
Email: editor@mtnviewsnews.com Website: www.mtnviewsnews.com
